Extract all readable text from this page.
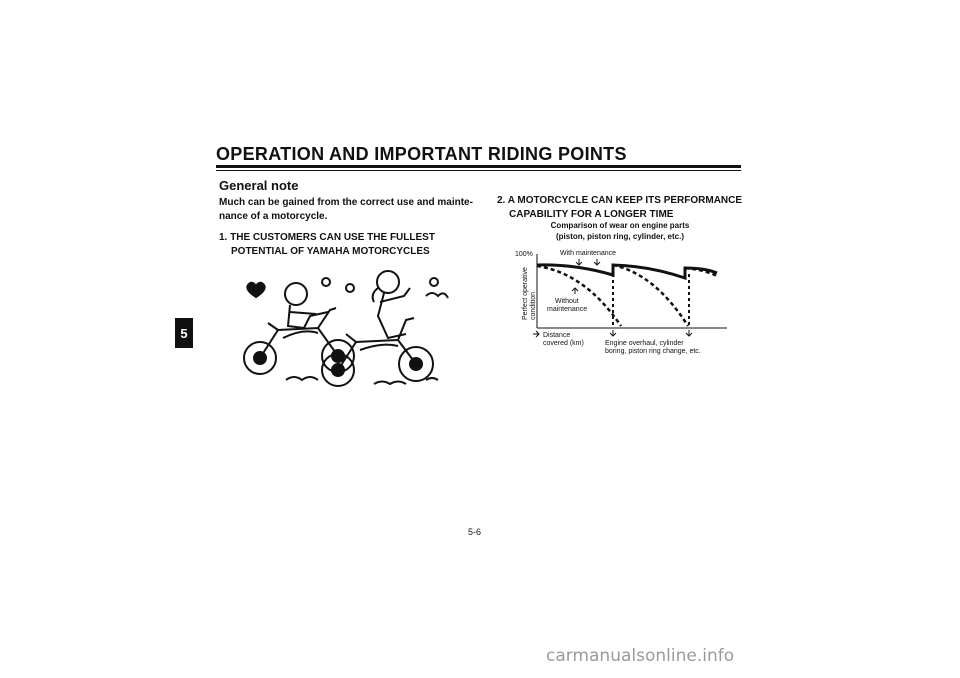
OPERATION AND IMPORTANT RIDING POINTS
5
General note
Much can be gained from the correct use and mainte-
nance of a motorcycle.
1. THE CUSTOMERS CAN USE THE FULLEST
POTENTIAL OF YAMAHA MOTORCYCLES
2. A MOTORCYCLE CAN KEEP ITS PERFORMANCE
CAPABILITY FOR A LONGER TIME
Comparison of wear on engine parts
(piston, piston ring, cylinder, etc.)
100%	With maintenance
Without
maintenance
Distance
covered (km)	Engine overhaul, cylinder
boring, piston ring change, etc.
Perfect operative condition
5-6
carmanualsonline.info
